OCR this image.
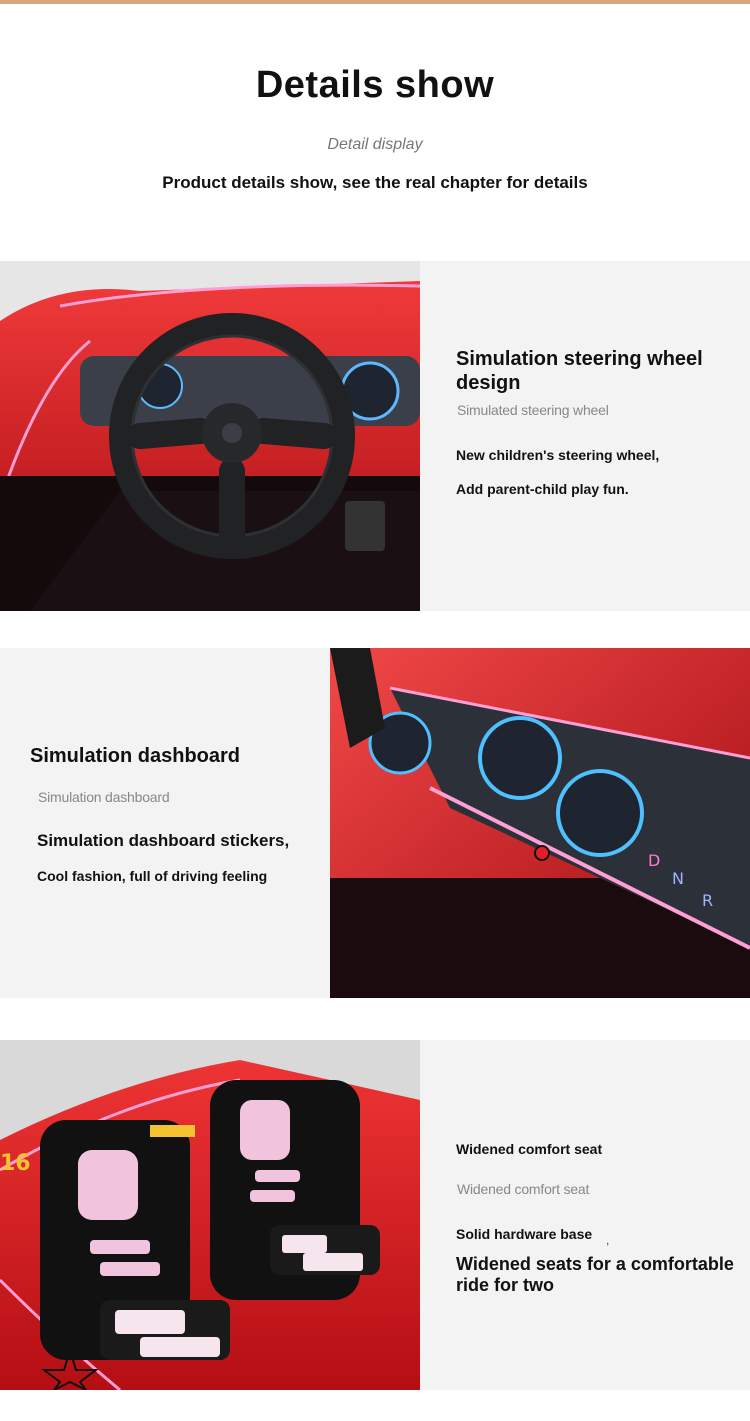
Details show
Detail display
Product details show, see the real chapter for details
Simulation steering wheel design
Simulated steering wheel
New children's steering wheel,
Add parent-child play fun.
Simulation dashboard
Simulation dashboard
Simulation dashboard stickers,
Cool fashion, full of driving feeling
D
N
R
16
Widened comfort seat
Widened comfort seat
Solid hardware base	,
Widened seats for a comfortable ride for two
